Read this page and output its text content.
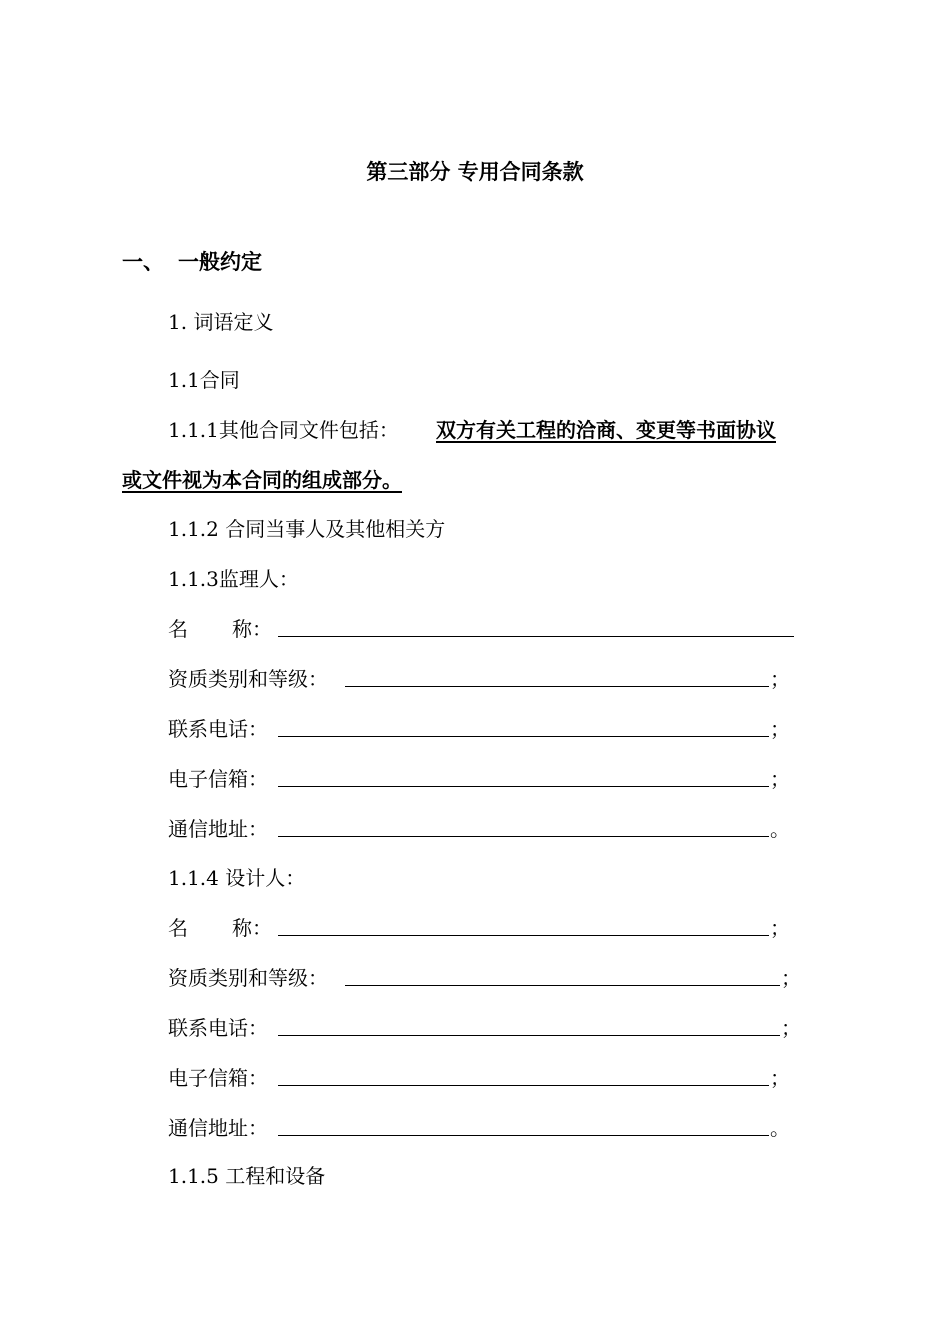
第三部分 专用合同条款
一、 一般约定
1. 词语定义
1.1合同
1.1.1其他合同文件包括： 双方有关工程的洽商、变更等书面协议
或文件视为本合同的组成部分。
1.1.2 合同当事人及其他相关方
1.1.3监理人：
名 称：
资质类别和等级：	；
联系电话：	；
电子信箱：	；
通信地址：	。
1.1.4 设计人：
名 称：	；
资质类别和等级：	；
联系电话：	；
电子信箱：	；
通信地址：	。
1.1.5 工程和设备
